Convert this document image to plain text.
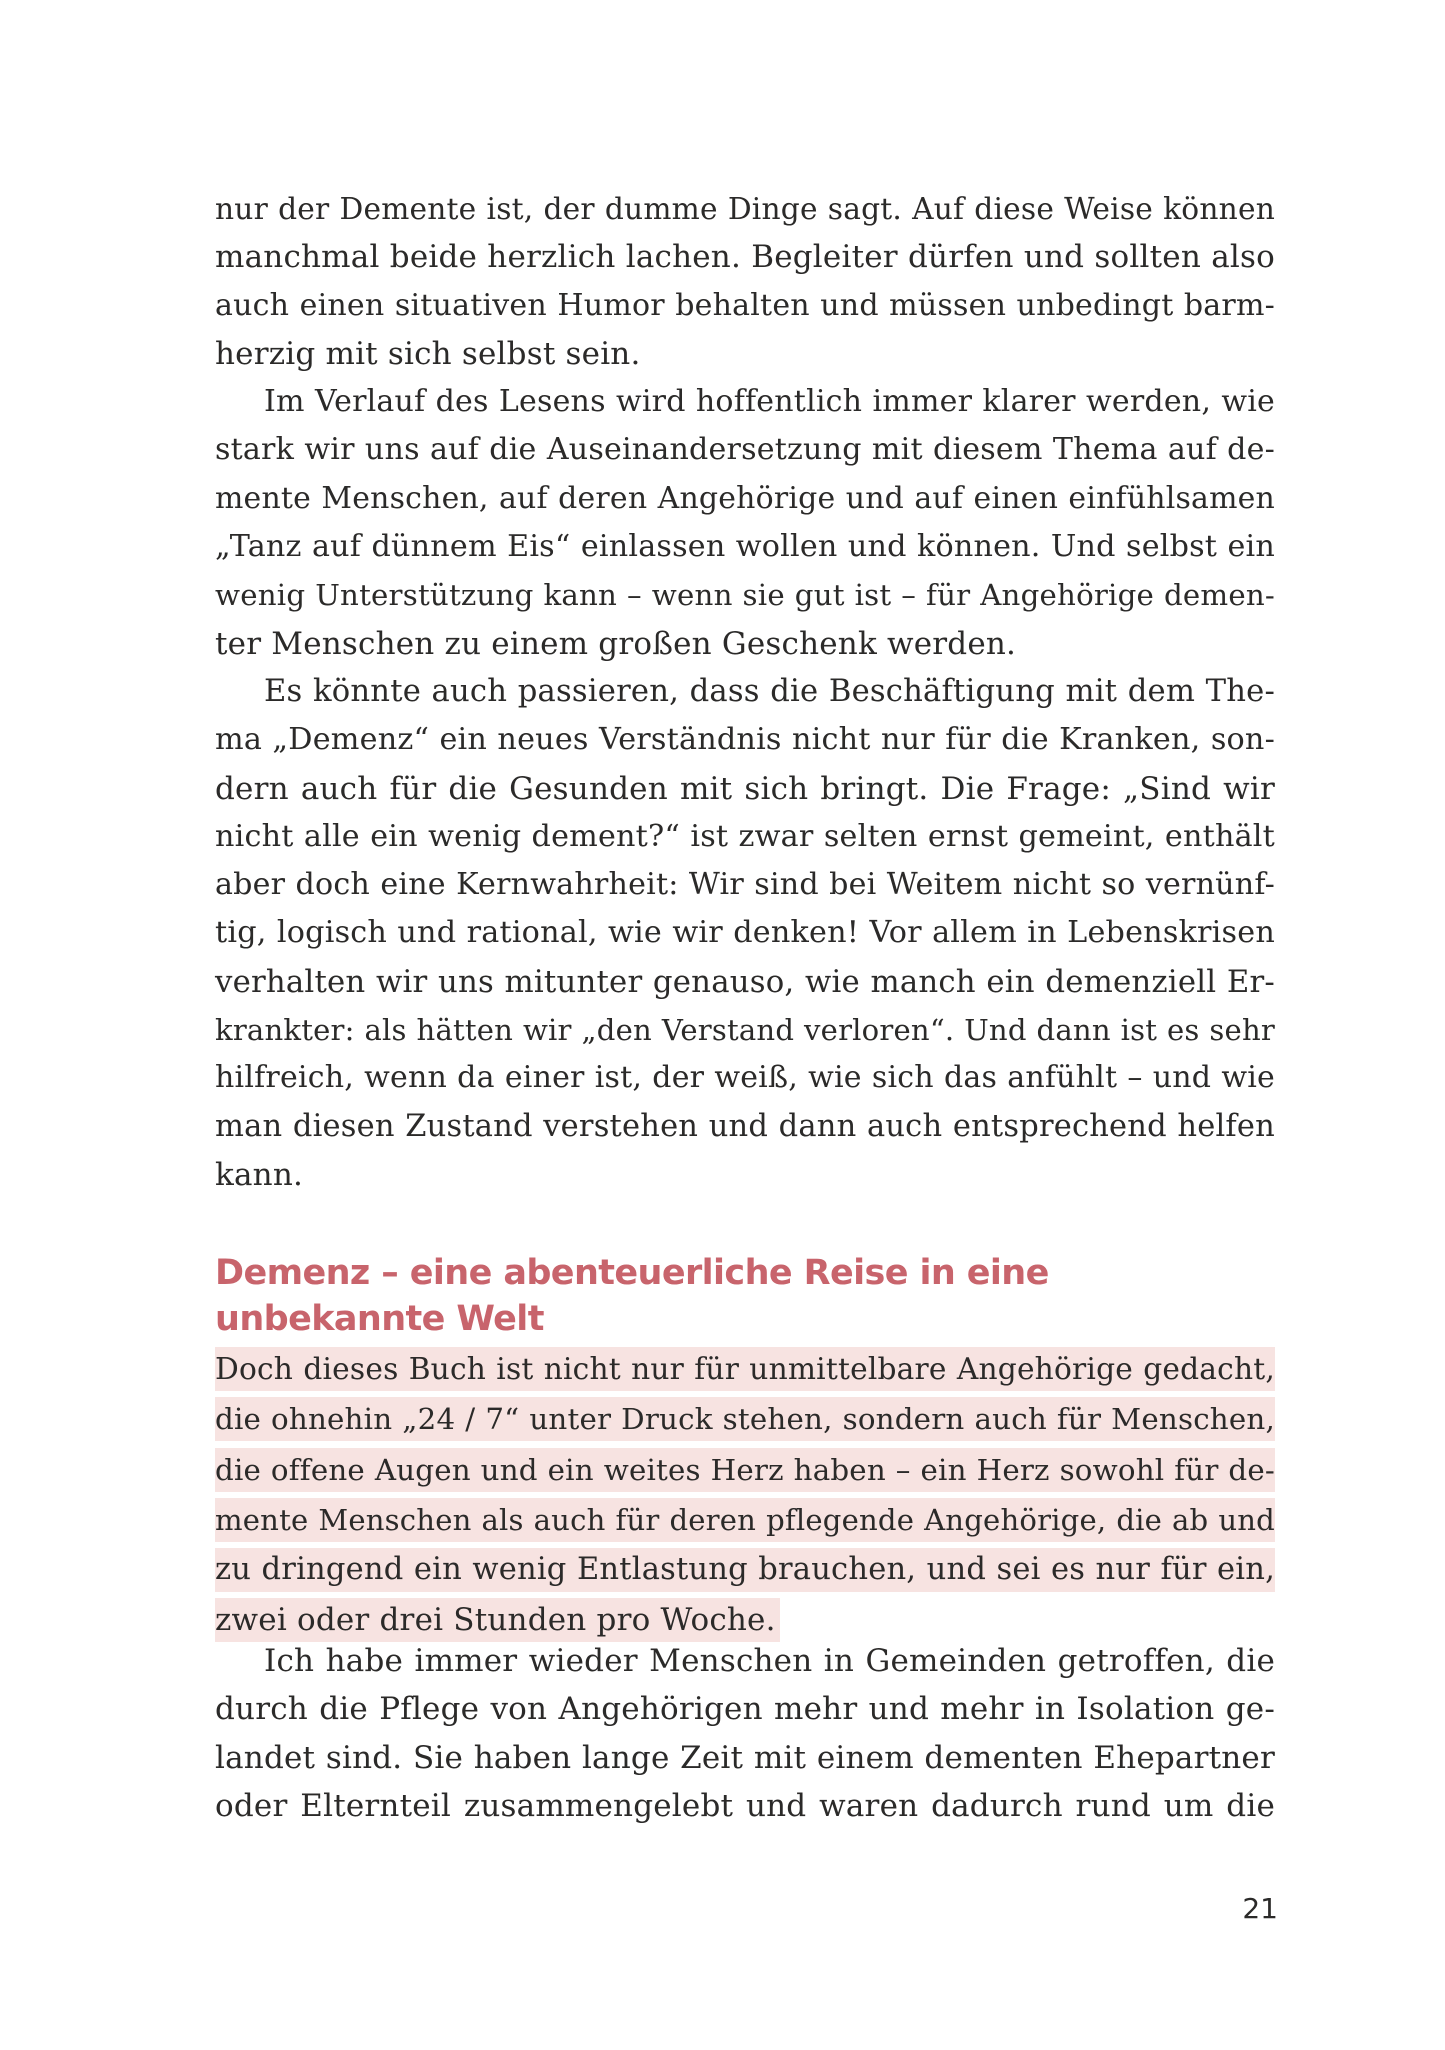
nur der Demente ist, der dumme Dinge sagt. Auf diese Weise können
manchmal beide herzlich lachen. Begleiter dürfen und sollten also
auch einen situativen Humor behalten und müssen unbedingt barm-
herzig mit sich selbst sein.
Im Verlauf des Lesens wird hoffentlich immer klarer werden, wie
stark wir uns auf die Auseinandersetzung mit diesem Thema auf de-
mente Menschen, auf deren Angehörige und auf einen einfühlsamen
„Tanz auf dünnem Eis“ einlassen wollen und können. Und selbst ein
wenig Unterstützung kann – wenn sie gut ist – für Angehörige demen-
ter Menschen zu einem großen Geschenk werden.
Es könnte auch passieren, dass die Beschäftigung mit dem The-
ma „Demenz“ ein neues Verständnis nicht nur für die Kranken, son-
dern auch für die Gesunden mit sich bringt. Die Frage: „Sind wir
nicht alle ein wenig dement?“ ist zwar selten ernst gemeint, enthält
aber doch eine Kernwahrheit: Wir sind bei Weitem nicht so vernünf-
tig, logisch und rational, wie wir denken! Vor allem in Lebenskrisen
verhalten wir uns mitunter genauso, wie manch ein demenziell Er-
krankter: als hätten wir „den Verstand verloren“. Und dann ist es sehr
hilfreich, wenn da einer ist, der weiß, wie sich das anfühlt – und wie
man diesen Zustand verstehen und dann auch entsprechend helfen
kann.
Demenz – eine abenteuerliche Reise in eine
unbekannte Welt
Doch dieses Buch ist nicht nur für unmittelbare Angehörige gedacht,
die ohnehin „24 / 7“ unter Druck stehen, sondern auch für Menschen,
die offene Augen und ein weites Herz haben – ein Herz sowohl für de-
mente Menschen als auch für deren pflegende Angehörige, die ab und
zu dringend ein wenig Entlastung brauchen, und sei es nur für ein,
zwei oder drei Stunden pro Woche.
Ich habe immer wieder Menschen in Gemeinden getroffen, die
durch die Pflege von Angehörigen mehr und mehr in Isolation ge-
landet sind. Sie haben lange Zeit mit einem dementen Ehepartner
oder Elternteil zusammengelebt und waren dadurch rund um die
21
